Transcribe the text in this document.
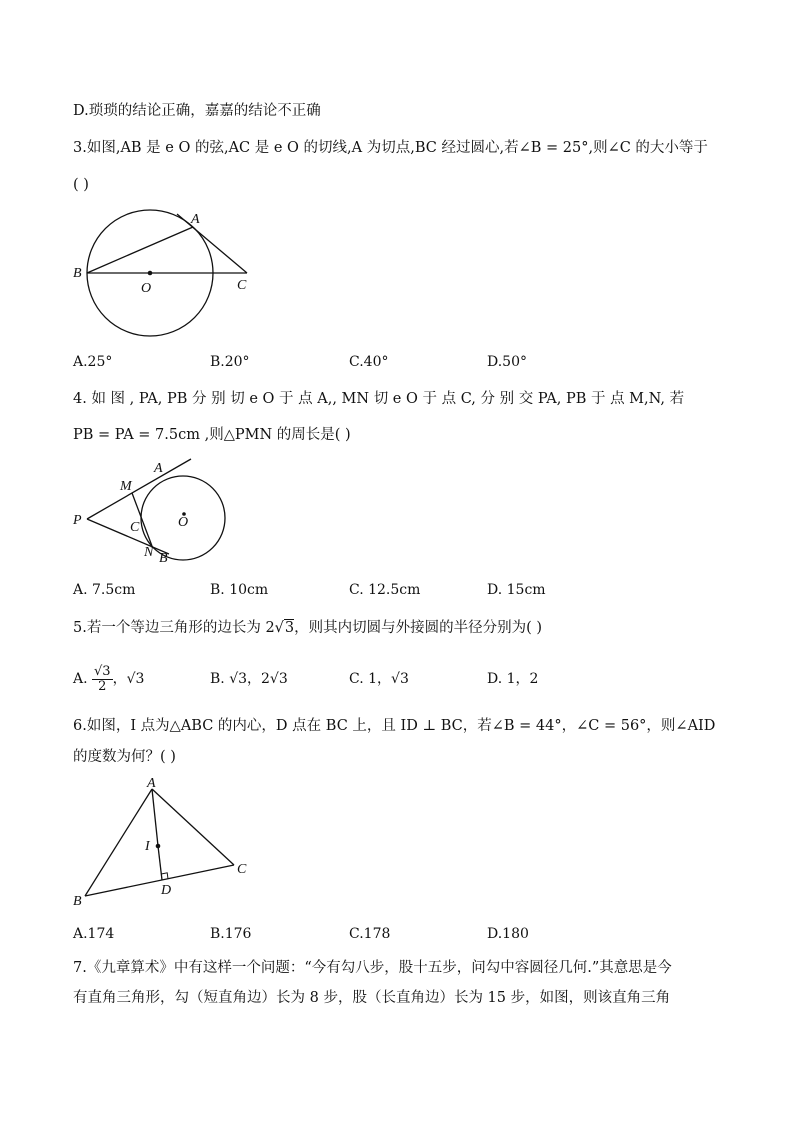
D.琐琐的结论正确，嘉嘉的结论不正确
3.如图,AB 是 e O 的弦,AC 是 e O 的切线,A 为切点,BC 经过圆心,若∠B = 25°,则∠C 的大小等于
( )
A
B
O	C
A.25°	B.20°	C.40°	D.50°
4. 如 图 , PA, PB 分 别 切 e O 于 点 A,, MN 切 e O 于 点 C, 分 别 交 PA, PB 于 点 M,N, 若
PB = PA = 7.5cm ,则△PMN 的周长是( )
A
M
P	C	O
N B
A. 7.5cm	B. 10cm	C. 12.5cm	D. 15cm
5.若一个等边三角形的边长为 2√3，则其内切圆与外接圆的半径分别为( )
A. $\frac{√3}{2}$ ，√3	B. √3，2√3	C. 1，√3	D. 1，2
6.如图，I 点为△ABC 的内心，D 点在 BC 上，且 ID ⊥ BC，若∠B = 44°，∠C = 56°，则∠AID
的度数为何？( )
A
I
B
D
C
A.174	B.176	C.178	D.180
7.《九章算术》中有这样一个问题：“今有勾八步，股十五步，问勾中容圆径几何.”其意思是今
有直角三角形，勾（短直角边）长为 8 步，股（长直角边）长为 15 步，如图，则该直角三角
